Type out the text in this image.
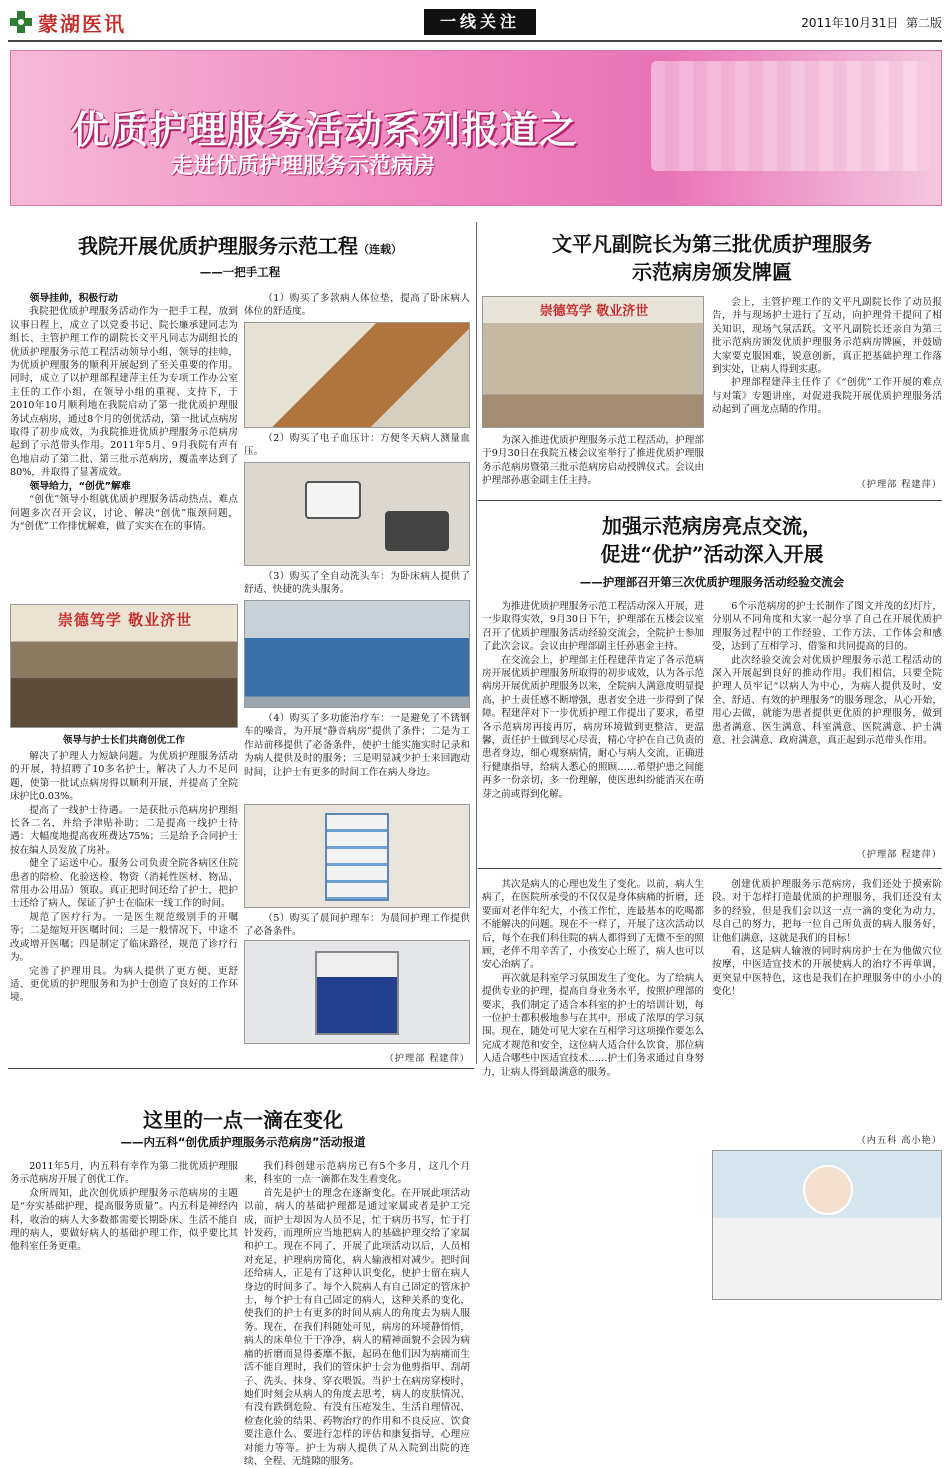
蒙湖医讯	一线关注	2011年10月31日 第二版
优质护理服务活动系列报道之
走进优质护理服务示范病房
我院开展优质护理服务示范工程（连载）
——一把手工程
领导挂帅，积极行动

我院把优质护理服务活动作为一把手工程，放到议事日程上，成立了以党委书记、院长廉承建同志为组长、主管护理工作的副院长文平凡同志为副组长的优质护理服务示范工程活动领导小组，领导的挂帅，为优质护理服务的顺利开展起到了至关重要的作用。同时，成立了以护理部程建萍主任为专项工作办公室主任的工作小组，在领导小组的重视、支持下，于2010年10月顺利地在我院启动了第一批优质护理服务试点病房，通过8个月的创优活动，第一批试点病房取得了初步成效，为我院推进优质护理服务示范病房起到了示范带头作用。2011年5月、9月我院有声有色地启动了第二批、第三批示范病房，覆盖率达到了80%，并取得了显著成效。

领导给力，“创优”解难

“创优”领导小组就优质护理服务活动热点、难点问题多次召开会议，讨论、解决“创优”瓶颈问题，为“创优”工作排忧解难，做了实实在在的事情。

崇德笃学 敬业济世
领导与护士长们共商创优工作

解决了护理人力短缺问题。为优质护理服务活动的开展，特招聘了10多名护士，解决了人力不足问题，使第一批试点病房得以顺利开展，并提高了全院床护比0.03%。

提高了一线护士待遇。一是获批示范病房护理组长各二名，并给予津贴补助；二是提高一线护士待遇：大幅度地提高夜班费达75%；三是给予合同护士按在编人员发放了房补。

健全了运送中心。服务公司负责全院各病区住院患者的陪检、化验送检、物资（消耗性医材、物品、常用办公用品）领取。真正把时间还给了护士，把护士还给了病人，保证了护士在临床一线工作的时间。

规范了医疗行为。一是医生规范级别手的开嘱等；二是缩短开医嘱时间；三是一般情况下，中途不改或增开医嘱；四是制定了临床路径，规范了诊疗行为。

完善了护理用具。为病人提供了更方便、更舒适、更优质的护理服务和为护士创造了良好的工作环境。

（1）购买了多款病人体位垫，提高了卧床病人体位的舒适度。

（2）购买了电子血压计：方便冬天病人测量血压。

（3）购买了全自动洗头车：为卧床病人提供了舒适、快捷的洗头服务。

（4）购买了多功能治疗车：一是避免了不锈钢车的噪音，为开展“静音病房”提供了条件；二是为工作站前移提供了必备条件，使护士能实施实时记录和为病人提供及时的服务；三是明显减少护士来回跑动时间，让护士有更多的时间工作在病人身边。

（5）购买了晨间护理车：为晨间护理工作提供了必备条件。

（护理部 程建萍）
文平凡副院长为第三批优质护理服务
示范病房颁发牌匾
崇德笃学 敬业济世

为深入推进优质护理服务示范工程活动，护理部于9月30日在我院五楼会议室举行了推进优质护理服务示范病房暨第三批示范病房启动授牌仪式。会议由护理部孙惠金副主任主持。

会上，主管护理工作的文平凡副院长作了动员报告，并与现场护士进行了互动，向护理骨干提问了相关知识，现场气氛活跃。文平凡副院长还亲自为第三批示范病房颁发优质护理服务示范病房牌匾，并鼓励大家要克服困难，锐意创新，真正把基础护理工作落到实处，让病人得到实惠。

护理部程建萍主任作了《“创优”工作开展的难点与对策》专题讲座，对促进我院开展优质护理服务活动起到了画龙点睛的作用。

（护理部 程建萍）
加强示范病房亮点交流，
促进“优护”活动深入开展
——护理部召开第三次优质护理服务活动经验交流会

为推进优质护理服务示范工程活动深入开展，进一步取得实效，9月30日下午，护理部在五楼会议室召开了优质护理服务活动经验交流会，全院护士参加了此次会议。会议由护理部副主任孙惠金主持。

在交流会上，护理部主任程建萍肯定了各示范病房开展优质护理服务所取得的初步成效，认为各示范病房开展优质护理服务以来，全院病人满意度明显提高，护士责任感不断增强，患者安全进一步得到了保障。程建萍对下一步优质护理工作提出了要求，希望各示范病房再接再厉，病房环境做到更整洁、更温馨，责任护士做到尽心尽责，精心守护在自己负责的患者身边，细心观察病情，耐心与病人交流，正确进行健康指导，给病人悉心的照顾……希望护患之间能再多一份亲切，多一份理解，使医患纠纷能消灭在萌芽之前或得到化解。

6个示范病房的护士长制作了图文并茂的幻灯片，分别从不同角度和大家一起分享了自己在开展优质护理服务过程中的工作经验、工作方法、工作体会和感受，达到了互相学习、借鉴和共同提高的目的。

此次经验交流会对优质护理服务示范工程活动的深入开展起到良好的推动作用。我们相信，只要全院护理人员牢记“以病人为中心，为病人提供及时、安全、舒适、有效的护理服务”的服务理念，从心开始，用心去做，就能为患者提供更优质的护理服务，做到患者满意、医生满意、科室满意、医院满意、护士满意、社会满意、政府满意，真正起到示范带头作用。

（护理部 程建萍）
这里的一点一滴在变化
——内五科“创优质护理服务示范病房”活动报道

2011年5月，内五科有幸作为第二批优质护理服务示范病房开展了创优工作。

众所周知，此次创优质护理服务示范病房的主题是“夯实基础护理，提高服务质量”。内五科是神经内科，收治的病人大多数都需要长期卧床、生活不能自理的病人，要做好病人的基础护理工作，似乎要比其他科室任务更重。

我们科创建示范病房已有5个多月，这几个月来，科室的一点一滴都在发生着变化。

首先是护士的理念在逐渐变化。在开展此项活动以前，病人的基础护理都是通过家属或者是护工完成，而护士却因为人员不足，忙于病历书写，忙于打针发药，而理所应当地把病人的基础护理交给了家属和护工。现在不同了，开展了此项活动以后，人员相对充足，护理病房简化，病人输液相对减少。把时间还给病人，正是有了这种认识变化，使护士留在病人身边的时间多了。每个入院病人有自己固定的管床护士，每个护士有自己固定的病人，这种关系的变化，使我们的护士有更多的时间从病人的角度去为病人服务。现在，在我们科随处可见，病房的环境静悄悄，病人的床单位干干净净，病人的精神面貌不会因为病痛的折磨而显得萎靡不振，起码在他们因为病痛而生活不能自理时，我们的管床护士会为他剪指甲、刮胡子、洗头、抹身、穿衣喂饭。当护士在病房穿梭时，她们时刻会从病人的角度去思考，病人的皮肤情况、有没有跌倒危险、有没有压疮发生、生活自理情况、检查化验的结果、药物治疗的作用和不良反应、饮食要注意什么、要进行怎样的评估和康复指导、心理应对能力等等。护士为病人提供了从入院到出院的连续、全程、无缝隙的服务。

其次是病人的心理也发生了变化。以前，病人生病了，在医院所承受的不仅仅是身体病痛的折磨，还要面对老伴年纪大，小孩工作忙，连最基本的吃喝都不能解决的问题。现在不一样了，开展了这次活动以后，每个在我们科住院的病人都得到了无微不至的照顾，老伴不用辛苦了，小孩安心上班了，病人也可以安心治病了。

再次就是科室学习氛围发生了变化。为了给病人提供专业的护理，提高自身业务水平，按照护理部的要求，我们制定了适合本科室的护士的培训计划，每一位护士都积极地参与在其中，形成了浓厚的学习氛围。现在，随处可见大家在互相学习这项操作要怎么完成才规范和安全，这位病人适合什么饮食，那位病人适合哪些中医适宜技术……护士们务求通过自身努力，让病人得到最满意的服务。

创建优质护理服务示范病房，我们还处于摸索阶段。对于怎样打造最优质的护理服务，我们还没有太多的经验，但是我们会以这一点一滴的变化为动力，尽自己的努力，把每一位自己所负责的病人服务好，让他们满意，这就是我们的目标！

看，这是病人输液的同时病房护士在为他做穴位按摩，中医适宜技术的开展使病人的治疗不再单调，更突显中医特色，这也是我们在护理服务中的小小的变化！

（内五科 高小艳）
